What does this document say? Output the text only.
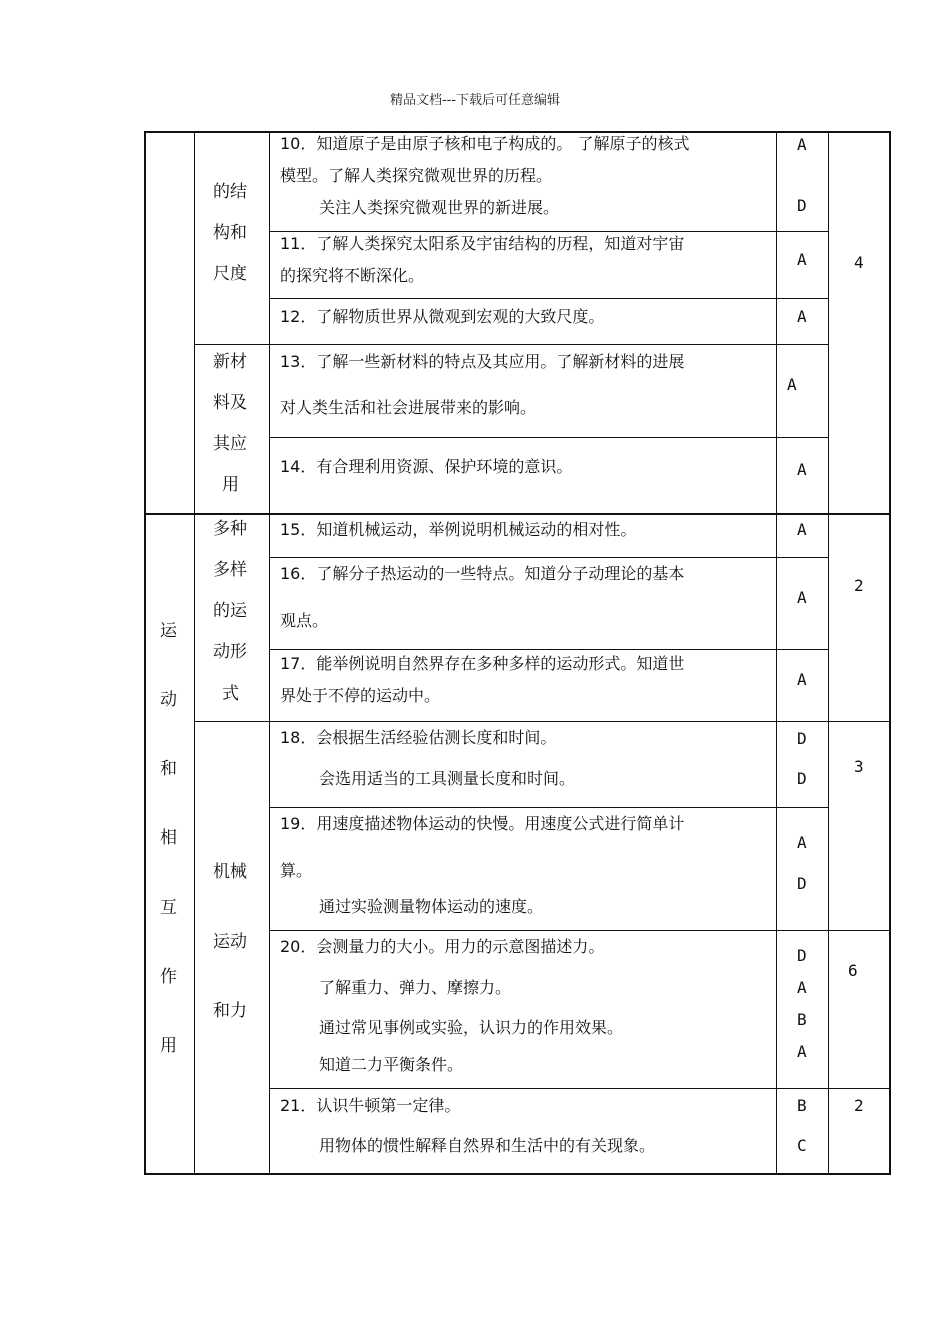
精品文档---下载后可任意编辑
运
动
和
相
互
作
用
的结
构和
尺度
新材
料及
其应
用
多种
多样
的运
动形
式
机械
运动
和力
10．知道原子是由原子核和电子构成的。 了解原子的核式
模型。了解人类探究微观世界的历程。
关注人类探究微观世界的新进展。
11．了解人类探究太阳系及宇宙结构的历程，知道对宇宙
的探究将不断深化。
12．了解物质世界从微观到宏观的大致尺度。
13．了解一些新材料的特点及其应用。了解新材料的进展
对人类生活和社会进展带来的影响。
14．有合理利用资源、保护环境的意识。
15．知道机械运动，举例说明机械运动的相对性。
16．了解分子热运动的一些特点。知道分子动理论的基本
观点。
17．能举例说明自然界存在多种多样的运动形式。知道世
界处于不停的运动中。
18．会根据生活经验估测长度和时间。
会选用适当的工具测量长度和时间。
19．用速度描述物体运动的快慢。用速度公式进行简单计
算。
通过实验测量物体运动的速度。
20．会测量力的大小。用力的示意图描述力。
了解重力、弹力、摩擦力。
通过常见事例或实验，认识力的作用效果。
知道二力平衡条件。
21．认识牛顿第一定律。
用物体的惯性解释自然界和生活中的有关现象。
A
D
A
A
A
A
A
A
A
D
D
A
D
D
A
B
A
B
C
4
2
3
6
2
